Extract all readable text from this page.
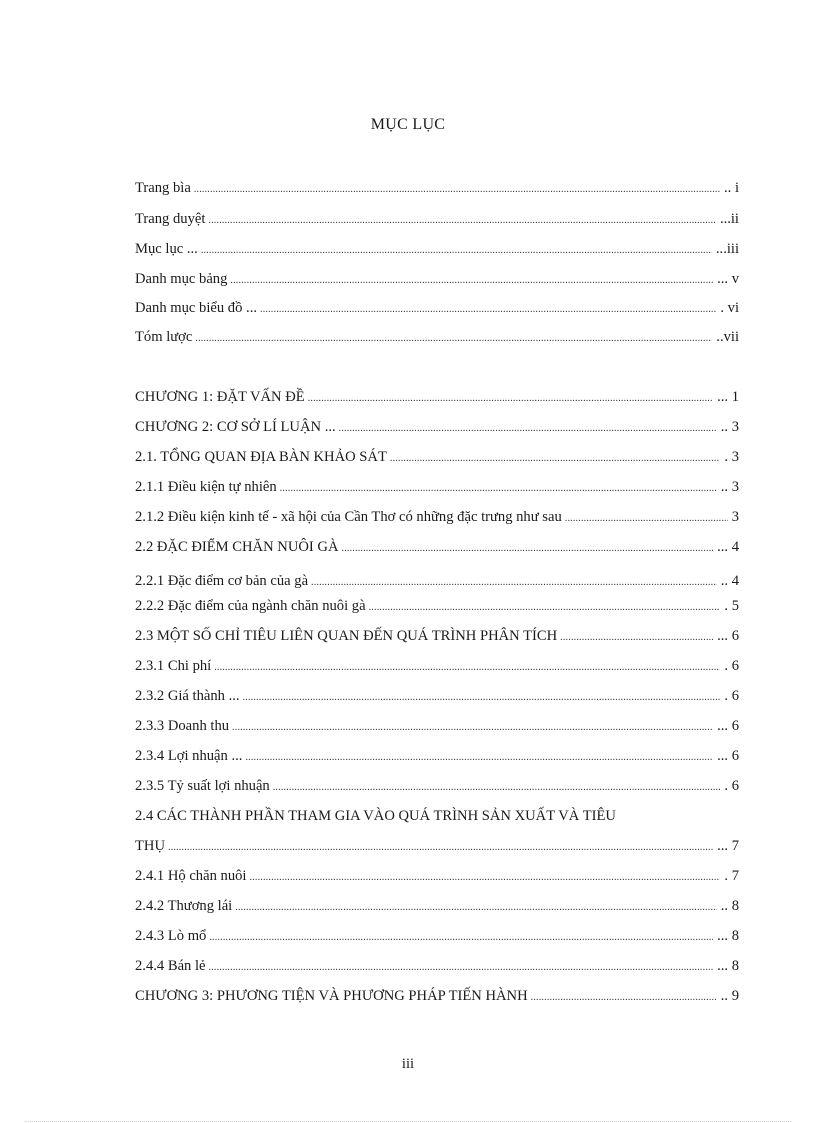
MỤC LỤC
Trang bìa .....	.. i
Trang duyệt .....	...ii
Mục lục ... .....	...iii
Danh mục bảng .....	... v
Danh mục biểu đồ ... .....	. vi
Tóm lược .....	..vii
CHƯƠNG 1: ĐẶT VẤN ĐỀ .....	... 1
CHƯƠNG 2: CƠ SỞ LÍ LUẬN ... .....	.. 3
2.1. TỔNG QUAN ĐỊA BÀN KHẢO SÁT .....	. 3
2.1.1 Điều kiện tự nhiên .....	.. 3
2.1.2 Điều kiện kinh tế - xã hội của Cần Thơ có những đặc trưng như sau .....	3
2.2 ĐẶC ĐIỂM CHĂN NUÔI GÀ .....	... 4
2.2.1 Đặc điểm cơ bản của gà .....	.. 4
2.2.2 Đặc điểm của ngành chăn nuôi gà .....	. 5
2.3 MỘT SỐ CHỈ TIÊU LIÊN QUAN ĐẾN QUÁ TRÌNH PHÂN TÍCH .....	... 6
2.3.1 Chi phí .....	. 6
2.3.2 Giá thành ... .....	. 6
2.3.3 Doanh thu .....	... 6
2.3.4 Lợi nhuận ... .....	... 6
2.3.5 Tỷ suất lợi nhuận .....	. 6
2.4 CÁC THÀNH PHẦN THAM GIA VÀO QUÁ TRÌNH SẢN XUẤT VÀ TIÊU
THỤ .....	... 7
2.4.1 Hộ chăn nuôi .....	. 7
2.4.2 Thương lái .....	.. 8
2.4.3 Lò mổ .....	... 8
2.4.4 Bán lẻ .....	... 8
CHƯƠNG 3: PHƯƠNG TIỆN VÀ PHƯƠNG PHÁP TIẾN HÀNH .....	.. 9
iii
